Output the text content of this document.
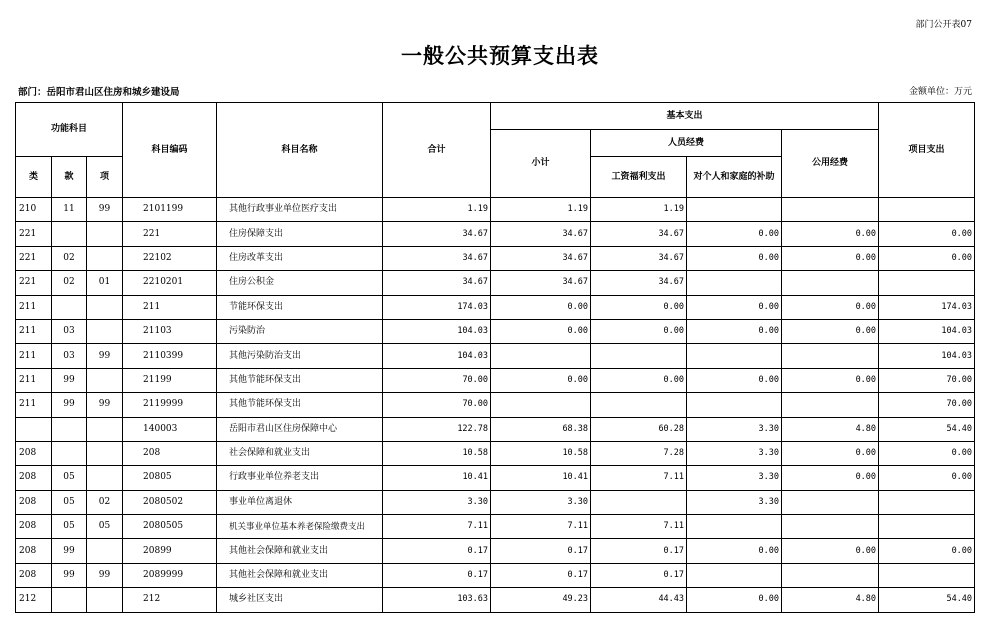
部门公开表07
一般公共预算支出表
部门：岳阳市君山区住房和城乡建设局	金额单位：万元
功能科目			科目编码	科目名称	合计	基本支出				项目支出
						小计	人员经费		公用经费	
类	款	项					工资福利支出	对个人和家庭的补助		
210	11	99	2101199	其他行政事业单位医疗支出	1.19	1.19	1.19			
221			221	住房保障支出	34.67	34.67	34.67	0.00	0.00	0.00
221	02		22102	住房改革支出	34.67	34.67	34.67	0.00	0.00	0.00
221	02	01	2210201	住房公积金	34.67	34.67	34.67			
211			211	节能环保支出	174.03	0.00	0.00	0.00	0.00	174.03
211	03		21103	污染防治	104.03	0.00	0.00	0.00	0.00	104.03
211	03	99	2110399	其他污染防治支出	104.03					104.03
211	99		21199	其他节能环保支出	70.00	0.00	0.00	0.00	0.00	70.00
211	99	99	2119999	其他节能环保支出	70.00					70.00
			140003	岳阳市君山区住房保障中心	122.78	68.38	60.28	3.30	4.80	54.40
208			208	社会保障和就业支出	10.58	10.58	7.28	3.30	0.00	0.00
208	05		20805	行政事业单位养老支出	10.41	10.41	7.11	3.30	0.00	0.00
208	05	02	2080502	事业单位离退休	3.30	3.30		3.30		
208	05	05	2080505	机关事业单位基本养老保险缴费支出	7.11	7.11	7.11			
208	99		20899	其他社会保障和就业支出	0.17	0.17	0.17	0.00	0.00	0.00
208	99	99	2089999	其他社会保障和就业支出	0.17	0.17	0.17			
212			212	城乡社区支出	103.63	49.23	44.43	0.00	4.80	54.40
